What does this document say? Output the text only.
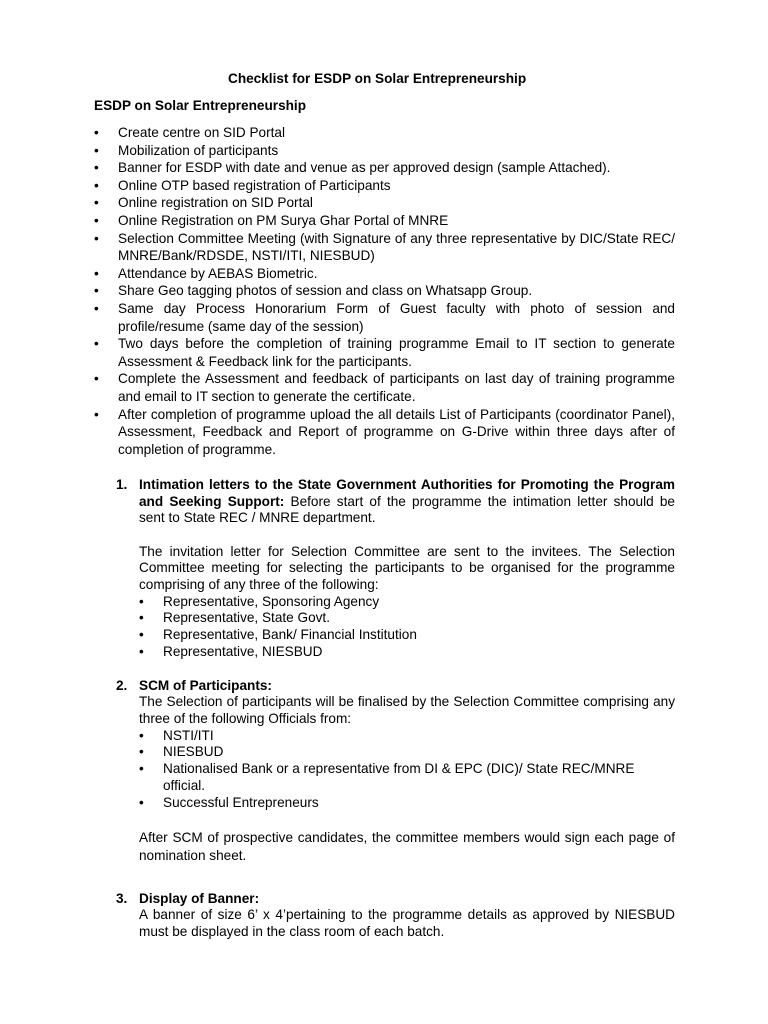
Checklist for ESDP on Solar Entrepreneurship
ESDP on Solar Entrepreneurship
• Create centre on SID Portal
• Mobilization of participants
• Banner for ESDP with date and venue as per approved design (sample Attached).
• Online OTP based registration of Participants
• Online registration on SID Portal
• Online Registration on PM Surya Ghar Portal of MNRE
• Selection Committee Meeting (with Signature of any three representative by DIC/State REC/ MNRE/Bank/RDSDE, NSTI/ITI, NIESBUD)
• Attendance by AEBAS Biometric.
• Share Geo tagging photos of session and class on Whatsapp Group.
• Same day Process Honorarium Form of Guest faculty with photo of session and profile/resume (same day of the session)
• Two days before the completion of training programme Email to IT section to generate Assessment & Feedback link for the participants.
• Complete the Assessment and feedback of participants on last day of training programme and email to IT section to generate the certificate.
• After completion of programme upload the all details List of Participants (coordinator Panel), Assessment, Feedback and Report of programme on G-Drive within three days after of completion of programme.
1. Intimation letters to the State Government Authorities for Promoting the Program and Seeking Support: Before start of the programme the intimation letter should be sent to State REC / MNRE department.

The invitation letter for Selection Committee are sent to the invitees. The Selection Committee meeting for selecting the participants to be organised for the programme comprising of any three of the following:

• Representative, Sponsoring Agency
• Representative, State Govt.
• Representative, Bank/ Financial Institution
• Representative, NIESBUD
2. SCM of Participants:

The Selection of participants will be finalised by the Selection Committee comprising any three of the following Officials from:

• NSTI/ITI
• NIESBUD
• Nationalised Bank or a representative from DI & EPC (DIC)/ State REC/MNRE official.
• Successful Entrepreneurs

After SCM of prospective candidates, the committee members would sign each page of nomination sheet.

3. Display of Banner:

A banner of size 6’ x 4’pertaining to the programme details as approved by NIESBUD must be displayed in the class room of each batch.
